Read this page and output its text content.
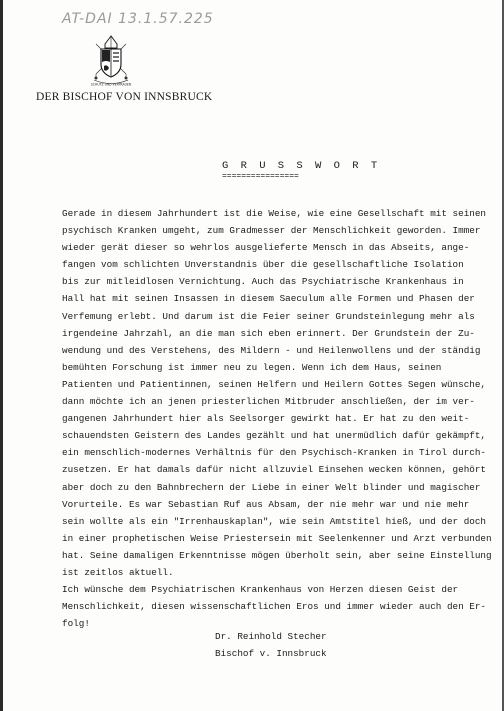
AT-DAI 13.1.57.225
SCHUTZ UND VERTRAUEN
DER BISCHOF VON INNSBRUCK
G R U S S W O R T
================
Gerade in diesem Jahrhundert ist die Weise, wie eine Gesellschaft mit seinen
psychisch Kranken umgeht, zum Gradmesser der Menschlichkeit geworden. Immer
wieder gerät dieser so wehrlos ausgelieferte Mensch in das Abseits, ange-
fangen vom schlichten Unverstandnis über die gesellschaftliche Isolation
bis zur mitleidlosen Vernichtung. Auch das Psychiatrische Krankenhaus in
Hall hat mit seinen Insassen in diesem Saeculum alle Formen und Phasen der
Verfemung erlebt. Und darum ist die Feier seiner Grundsteinlegung mehr als
irgendeine Jahrzahl, an die man sich eben erinnert. Der Grundstein der Zu-
wendung und des Verstehens, des Mildern - und Heilenwollens und der ständig
bemühten Forschung ist immer neu zu legen. Wenn ich dem Haus, seinen
Patienten und Patientinnen, seinen Helfern und Heilern Gottes Segen wünsche,
dann möchte ich an jenen priesterlichen Mitbruder anschließen, der im ver-
gangenen Jahrhundert hier als Seelsorger gewirkt hat. Er hat zu den weit-
schauendsten Geistern des Landes gezählt und hat unermüdlich dafür gekämpft,
ein menschlich-modernes Verhältnis für den Psychisch-Kranken in Tirol durch-
zusetzen. Er hat damals dafür nicht allzuviel Einsehen wecken können, gehört
aber doch zu den Bahnbrechern der Liebe in einer Welt blinder und magischer
Vorurteile. Es war Sebastian Ruf aus Absam, der nie mehr war und nie mehr
sein wollte als ein "Irrenhauskaplan", wie sein Amtstitel hieß, und der doch
in einer prophetischen Weise Priestersein mit Seelenkenner und Arzt verbunden
hat. Seine damaligen Erkenntnisse mögen überholt sein, aber seine Einstellung
ist zeitlos aktuell.
Ich wünsche dem Psychiatrischen Krankenhaus von Herzen diesen Geist der
Menschlichkeit, diesen wissenschaftlichen Eros und immer wieder auch den Er-
folg!
Dr. Reinhold Stecher
Bischof v. Innsbruck
